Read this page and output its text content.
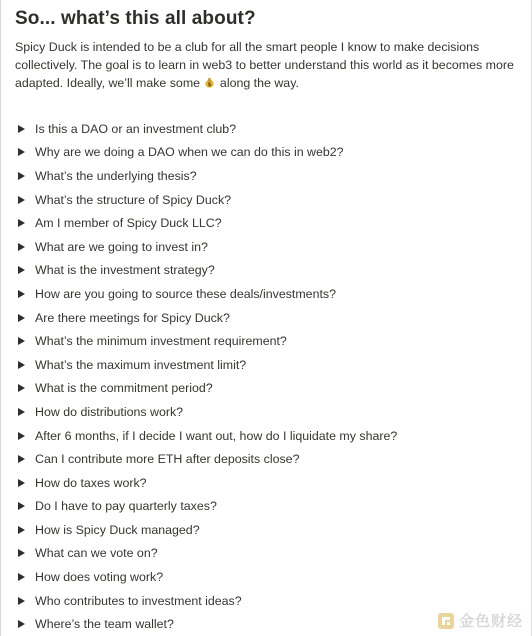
So... what’s this all about?
Spicy Duck is intended to be a club for all the smart people I know to make decisions collectively. The goal is to learn in web3 to better understand this world as it becomes more adapted. Ideally, we’ll make some $ along the way.
Is this a DAO or an investment club?
Why are we doing a DAO when we can do this in web2?
What’s the underlying thesis?
What’s the structure of Spicy Duck?
Am I member of Spicy Duck LLC?
What are we going to invest in?
What is the investment strategy?
How are you going to source these deals/investments?
Are there meetings for Spicy Duck?
What’s the minimum investment requirement?
What’s the maximum investment limit?
What is the commitment period?
How do distributions work?
After 6 months, if I decide I want out, how do I liquidate my share?
Can I contribute more ETH after deposits close?
How do taxes work?
Do I have to pay quarterly taxes?
How is Spicy Duck managed?
What can we vote on?
How does voting work?
Who contributes to investment ideas?
Where’s the team wallet?	金色财经
